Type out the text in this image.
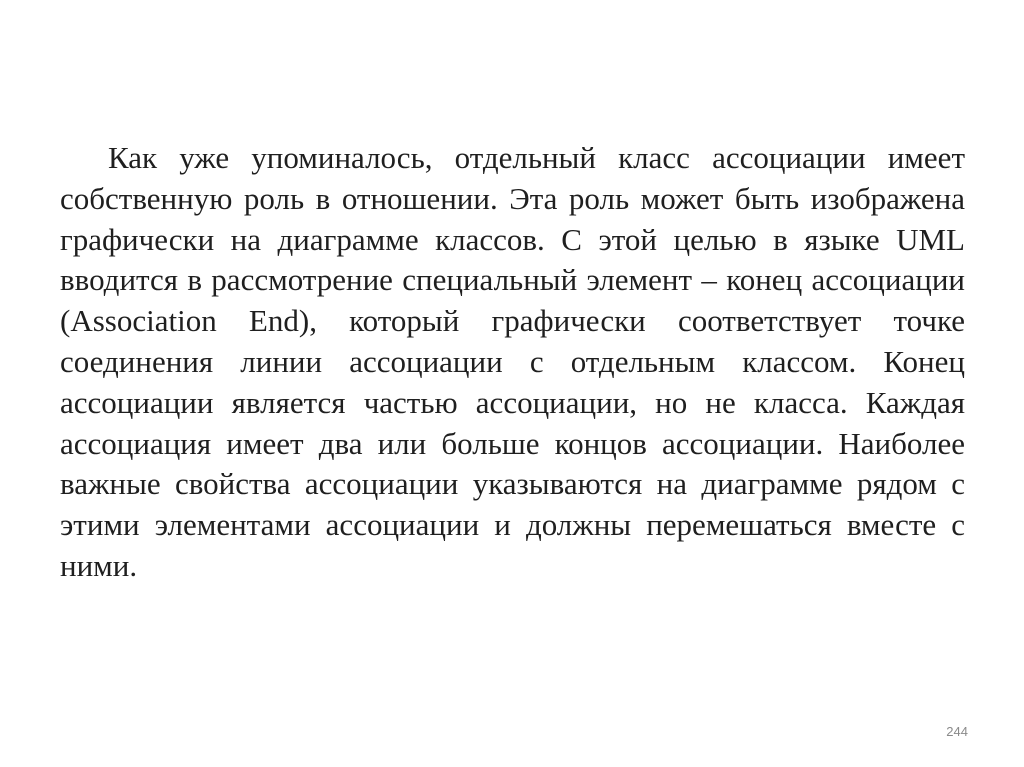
Как уже упоминалось, отдельный класс ассоциации имеет собственную роль в отношении. Эта роль может быть изображена графически на диаграмме классов. С этой целью в языке UML вводится в рассмотрение специальный элемент – конец ассоциации (Association End), который графически соответствует точке соединения линии ассоциации с отдельным классом. Конец ассоциации является частью ассоциации, но не класса. Каждая ассоциация имеет два или больше концов ассоциации. Наиболее важные свойства ассоциации указываются на диаграмме рядом с этими элементами ассоциации и должны перемешаться вместе с ними.

244
